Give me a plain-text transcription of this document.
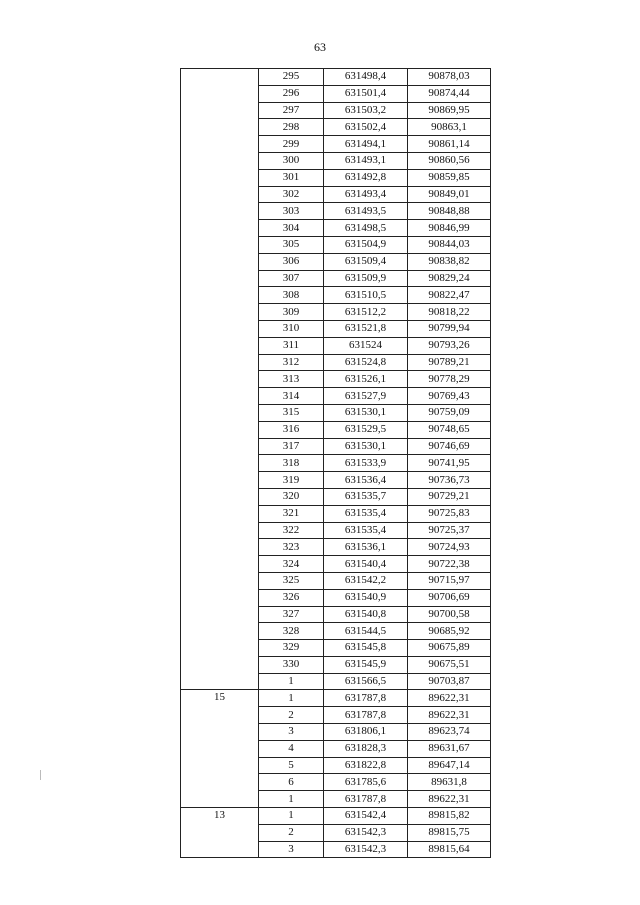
63
	295	631498,4	90878,03
	296	631501,4	90874,44
	297	631503,2	90869,95
	298	631502,4	90863,1
	299	631494,1	90861,14
	300	631493,1	90860,56
	301	631492,8	90859,85
	302	631493,4	90849,01
	303	631493,5	90848,88
	304	631498,5	90846,99
	305	631504,9	90844,03
	306	631509,4	90838,82
	307	631509,9	90829,24
	308	631510,5	90822,47
	309	631512,2	90818,22
	310	631521,8	90799,94
	311	631524	90793,26
	312	631524,8	90789,21
	313	631526,1	90778,29
	314	631527,9	90769,43
	315	631530,1	90759,09
	316	631529,5	90748,65
	317	631530,1	90746,69
	318	631533,9	90741,95
	319	631536,4	90736,73
	320	631535,7	90729,21
	321	631535,4	90725,83
	322	631535,4	90725,37
	323	631536,1	90724,93
	324	631540,4	90722,38
	325	631542,2	90715,97
	326	631540,9	90706,69
	327	631540,8	90700,58
	328	631544,5	90685,92
	329	631545,8	90675,89
	330	631545,9	90675,51
	1	631566,5	90703,87
15	1	631787,8	89622,31
	2	631787,8	89622,31
	3	631806,1	89623,74
	4	631828,3	89631,67
	5	631822,8	89647,14
	6	631785,6	89631,8
	1	631787,8	89622,31
13	1	631542,4	89815,82
	2	631542,3	89815,75
	3	631542,3	89815,64
